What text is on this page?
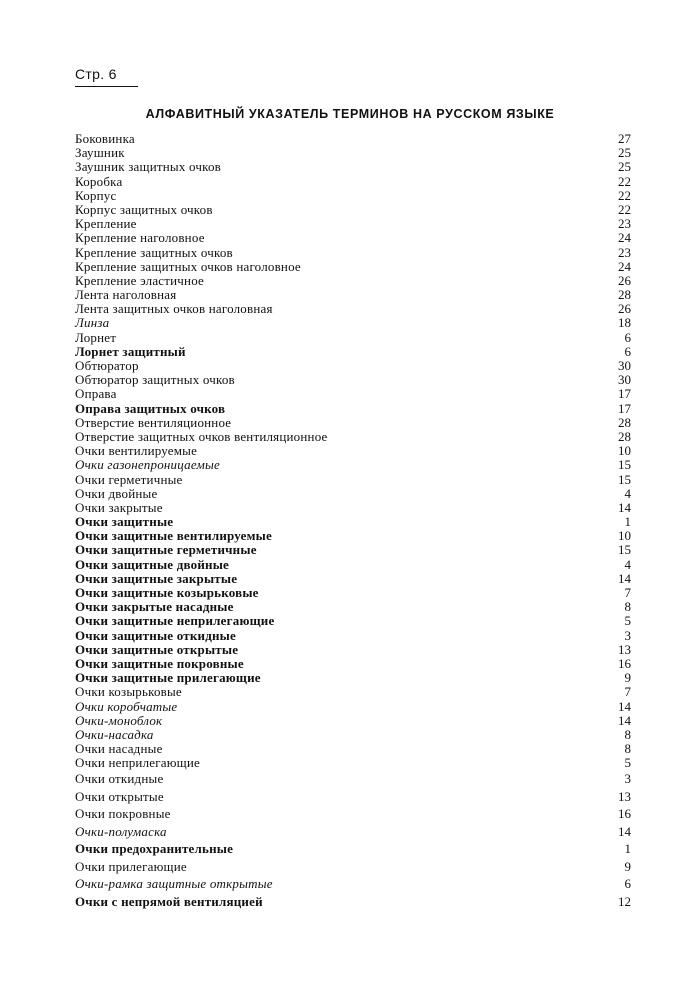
Стр. 6
АЛФАВИТНЫЙ УКАЗАТЕЛЬ ТЕРМИНОВ НА РУССКОМ ЯЗЫКЕ
Боковинка	27
Заушник	25
Заушник защитных очков	25
Коробка	22
Корпус	22
Корпус защитных очков	22
Крепление	23
Крепление наголовное	24
Крепление защитных очков	23
Крепление защитных очков наголовное	24
Крепление эластичное	26
Лента наголовная	28
Лента защитных очков наголовная	26
Линза	18
Лорнет	6
Лорнет защитный	6
Обтюратор	30
Обтюратор защитных очков	30
Оправа	17
Оправа защитных очков	17
Отверстие вентиляционное	28
Отверстие защитных очков вентиляционное	28
Очки вентилируемые	10
Очки газонепроницаемые	15
Очки герметичные	15
Очки двойные	4
Очки закрытые	14
Очки защитные	1
Очки защитные вентилируемые	10
Очки защитные герметичные	15
Очки защитные двойные	4
Очки защитные закрытые	14
Очки защитные козырьковые	7
Очки закрытые насадные	8
Очки защитные неприлегающие	5
Очки защитные откидные	3
Очки защитные открытые	13
Очки защитные покровные	16
Очки защитные прилегающие	9
Очки козырьковые	7
Очки коробчатые	14
Очки-моноблок	14
Очки-насадка	8
Очки насадные	8
Очки неприлегающие	5
Очки откидные	3
Очки открытые	13
Очки покровные	16
Очки-полумаска	14
Очки предохранительные	1
Очки прилегающие	9
Очки-рамка защитные открытые	6
Очки с непрямой вентиляцией	12
